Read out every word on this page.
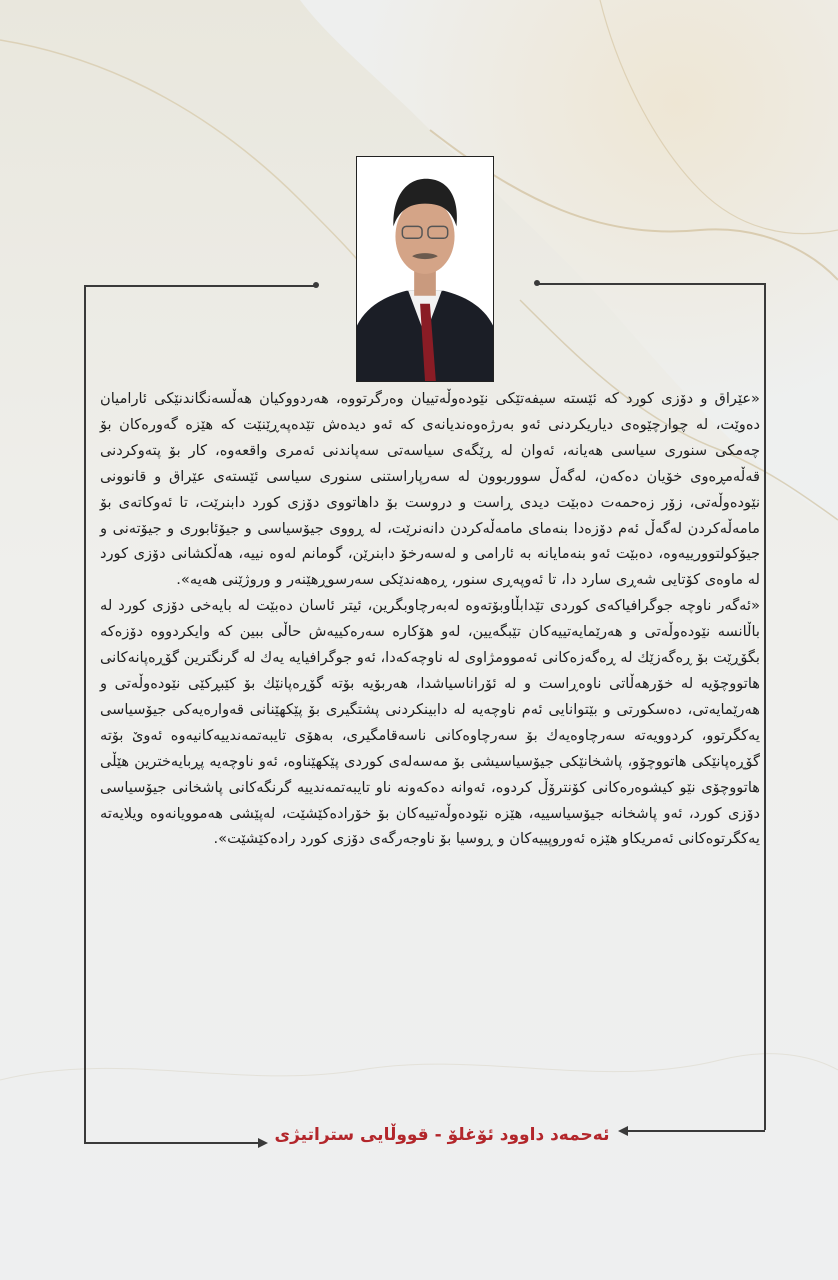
«عێراق و دۆزی کورد کە ئێستە سیفەتێکی نێودەوڵەتییان وەرگرتووە، هەردووکیان هەڵسەنگاندنێکی ئارامیان دەوێت، لە چوارچێوەی دیاریکردنی ئەو بەرژەوەندیانەی کە ئەو دیدەش تێدەپەڕێنێت کە هێزە گەورەکان بۆ چەمکی سنوری سیاسی هەیانە، ئەوان لە ڕێگەی سیاسەتی سەپاندنی ئەمری واقعەوە، کار بۆ پتەوکردنی قەڵەمڕەوی خۆیان دەکەن، لەگەڵ سووربوون لە سەرپاراستنی سنوری سیاسی ئێستەی عێراق و قانوونی نێودەوڵەتی، زۆر زەحمەت دەبێت دیدی ڕاست و دروست بۆ داهاتووی دۆزی کورد دابنرێت، تا ئەوکاتەی بۆ مامەڵەکردن لەگەڵ ئەم دۆزەدا بنەمای مامەڵەکردن دانەنرێت، لە ڕووی جیۆسیاسی و جیۆئابوری و جیۆتەنی و جیۆکولتوورییەوە، دەبێت ئەو بنەمایانە بە ئارامی و لەسەرخۆ دابنرێن، گومانم لەوە نییە، هەڵکشانی دۆزی کورد لە ماوەی کۆتایی شەڕی سارد دا، تا ئەوپەڕی سنور، ڕەهەندێکی سەرسوڕهێنەر و وروژێنی هەیە».

«ئەگەر ناوچە جوگرافیاکەی کوردی تێدابڵاوبۆتەوە لەبەرچاوبگرین، ئیتر ئاسان دەبێت لە بایەخی دۆزی کورد لە باڵانسە نێودەوڵەتی و هەرێمایەتییەکان تێبگەیین، لەو هۆکارە سەرەکییەش حاڵی ببین کە وایکردووە دۆزەکە بگۆڕێت بۆ ڕەگەزێك لە ڕەگەزەکانی ئەموومژاوی لە ناوچەکەدا، ئەو جوگرافیایە یەك لە گرنگترین گۆڕەپانەکانی هاتووچۆیە لە خۆرهەڵاتی ناوەڕاست و لە ئۆراناسیاشدا، هەربۆیە بۆتە گۆڕەپانێك بۆ کێبڕکێی نێودەوڵەتی و هەرێمایەتی، دەسکورتی و بێتوانایی ئەم ناوچەیە لە دابینکردنی پشتگیری بۆ پێکهێنانی قەوارەیەکی جیۆسیاسی یەکگرتوو، کردوویەتە سەرچاوەیەك بۆ سەرچاوەکانی ناسەقامگیری، بەهۆی تایبەتمەندییەکانیەوە ئەوێ بۆتە گۆڕەپانێکی هاتووچۆو، پاشخانێکی جیۆسیاسیشی بۆ مەسەلەی کوردی پێکهێناوە، ئەو ناوچەیە پڕبایەخترین هێڵی هاتووچۆی نێو کیشوەرەکانی کۆنترۆڵ کردوە، ئەوانە دەکەونە ناو تایبەتمەندییە گرنگەکانی پاشخانی جیۆسیاسی دۆزی کورد، ئەو پاشخانە جیۆسیاسییە، هێزە نێودەوڵەتییەکان بۆ خۆرادەکێشێت، لەپێشی هەموویانەوە ویلایەتە یەکگرتوەکانی ئەمریکاو هێزە ئەوروپییەکان و ڕوسیا بۆ ناوجەرگەی دۆزی کورد رادەکێشێت».

ئەحمەد داوود ئۆغلۆ - قووڵایی ستراتیژی
